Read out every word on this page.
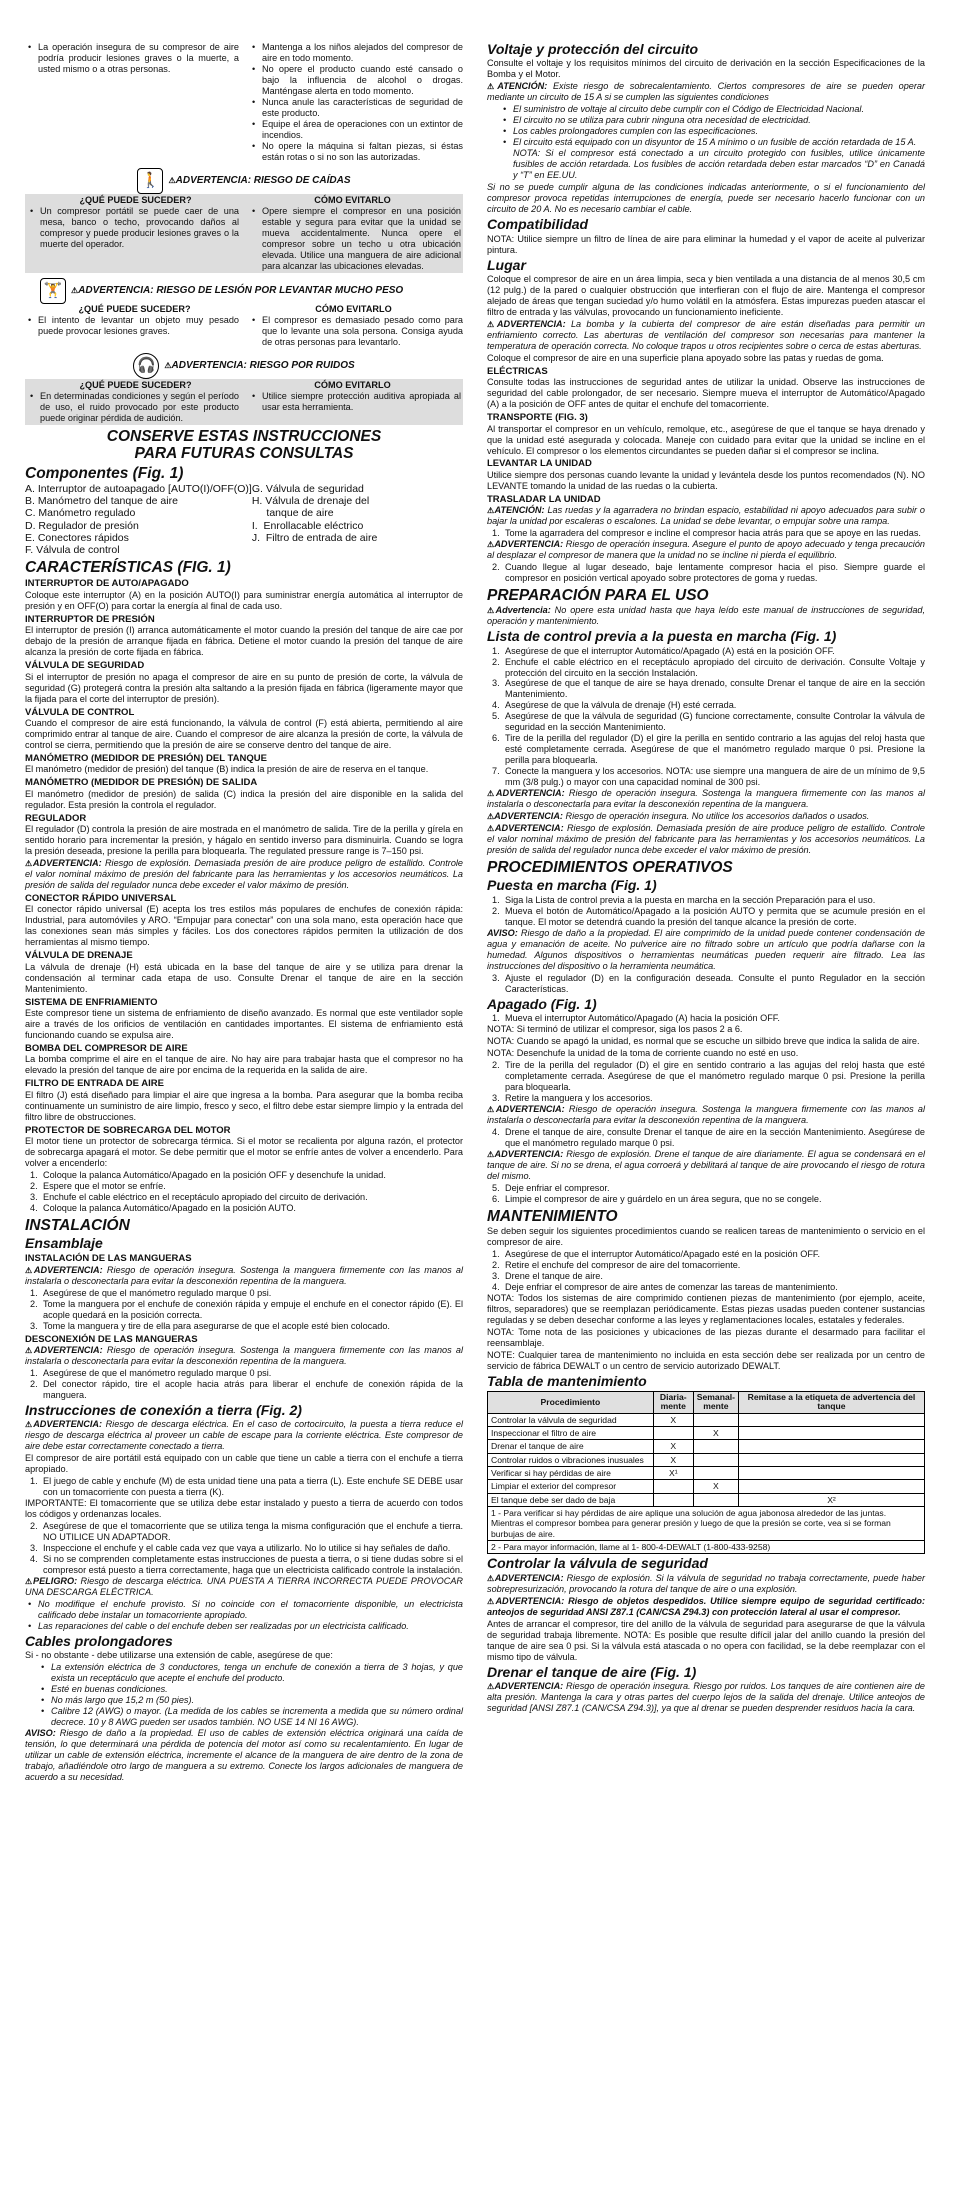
• La operación insegura de su compresor de aire podría producir lesiones graves o la muerte, a usted mismo o a otras personas.
• Mantenga a los niños alejados del compresor de aire en todo momento.
• No opere el producto cuando esté cansado o bajo la influencia de alcohol o drogas. Manténgase alerta en todo momento.
• Nunca anule las características de seguridad de este producto.
• Equipe el área de operaciones con un extintor de incendios.
• No opere la máquina si faltan piezas, si éstas están rotas o si no son las autorizadas.
🚶	⚠ADVERTENCIA: RIESGO DE CAÍDAS
¿QUÉ PUEDE SUCEDER?	CÓMO EVITARLO
• Un compresor portátil se puede caer de una mesa, banco o techo, provocando daños al compresor y puede producir lesiones graves o la muerte del operador.
• Opere siempre el compresor en una posición estable y segura para evitar que la unidad se mueva accidentalmente. Nunca opere el compresor sobre un techo u otra ubicación elevada. Utilice una manguera de aire adicional para alcanzar las ubicaciones elevadas.
🏋	⚠ADVERTENCIA: RIESGO DE LESIÓN POR LEVANTAR MUCHO PESO
¿QUÉ PUEDE SUCEDER?	CÓMO EVITARLO
• El intento de levantar un objeto muy pesado puede provocar lesiones graves.
• El compresor es demasiado pesado como para que lo levante una sola persona. Consiga ayuda de otras personas para levantarlo.
🎧	⚠ADVERTENCIA: RIESGO POR RUIDOS
¿QUÉ PUEDE SUCEDER?	CÓMO EVITARLO
• En determinadas condiciones y según el período de uso, el ruido provocado por este producto puede originar pérdida de audición.
• Utilice siempre protección auditiva apropiada al usar esta herramienta.
CONSERVE ESTAS INSTRUCCIONES
PARA FUTURAS CONSULTAS
Componentes (Fig. 1)
A. Interruptor de autoapagado [AUTO(I)/OFF(O)]
B. Manómetro del tanque de aire
C. Manómetro regulado
D. Regulador de presión
E. Conectores rápidos
F. Válvula de control
G. Válvula de seguridad
H. Válvula de drenaje del
tanque de aire
I.  Enrollacable eléctrico
J.  Filtro de entrada de aire
CARACTERÍSTICAS (FIG. 1)
INTERRUPTOR DE AUTO/APAGADO

Coloque este interruptor (A) en la posición AUTO(I) para suministrar energía automática al interruptor de presión y en OFF(O) para cortar la energía al final de cada uso.

INTERRUPTOR DE PRESIÓN

El interruptor de presión (I) arranca automáticamente el motor cuando la presión del tanque de aire cae por debajo de la presión de arranque fijada en fábrica. Detiene el motor cuando la presión del tanque de aire alcanza la presión de corte fijada en fábrica.

VÁLVULA DE SEGURIDAD

Si el interruptor de presión no apaga el compresor de aire en su punto de presión de corte, la válvula de seguridad (G) protegerá contra la presión alta saltando a la presión fijada en fábrica (ligeramente mayor que la fijada para el corte del interruptor de presión).

VÁLVULA DE CONTROL

Cuando el compresor de aire está funcionando, la válvula de control (F) está abierta, permitiendo al aire comprimido entrar al tanque de aire. Cuando el compresor de aire alcanza la presión de corte, la válvula de control se cierra, permitiendo que la presión de aire se conserve dentro del tanque de aire.

MANÓMETRO (MEDIDOR DE PRESIÓN) DEL TANQUE

El manómetro (medidor de presión) del tanque (B) indica la presión de aire de reserva en el tanque.

MANÓMETRO (MEDIDOR DE PRESIÓN) DE SALIDA

El manómetro (medidor de presión) de salida (C) indica la presión del aire disponible en la salida del regulador. Esta presión la controla el regulador.

REGULADOR

El regulador (D) controla la presión de aire mostrada en el manómetro de salida. Tire de la perilla y gírela en sentido horario para incrementar la presión, y hágalo en sentido inverso para disminuirla. Cuando se logra la presión deseada, presione la perilla para bloquearla. The regulated pressure range is 7–150 psi.

⚠ADVERTENCIA: Riesgo de explosión. Demasiada presión de aire produce peligro de estallido. Controle el valor nominal máximo de presión del fabricante para las herramientas y los accesorios neumáticos. La presión de salida del regulador nunca debe exceder el valor máximo de presión.

CONECTOR RÁPIDO UNIVERSAL

El conector rápido universal (E) acepta los tres estilos más populares de enchufes de conexión rápida: Industrial, para automóviles y ARO. “Empujar para conectar” con una sola mano, esta operación hace que las conexiones sean más simples y fáciles. Los dos conectores rápidos permiten la utilización de dos herramientas al mismo tiempo.

VÁLVULA DE DRENAJE

La válvula de drenaje (H) está ubicada en la base del tanque de aire y se utiliza para drenar la condensación al terminar cada etapa de uso. Consulte Drenar el tanque de aire en la sección Mantenimiento.

SISTEMA DE ENFRIAMIENTO

Este compresor tiene un sistema de enfriamiento de diseño avanzado. Es normal que este ventilador sople aire a través de los orificios de ventilación en cantidades importantes. El sistema de enfriamiento está funcionando cuando se expulsa aire.

BOMBA DEL COMPRESOR DE AIRE

La bomba comprime el aire en el tanque de aire. No hay aire para trabajar hasta que el compresor no ha elevado la presión del tanque de aire por encima de la requerida en la salida de aire.

FILTRO DE ENTRADA DE AIRE

El filtro (J) está diseñado para limpiar el aire que ingresa a la bomba. Para asegurar que la bomba reciba continuamente un suministro de aire limpio, fresco y seco, el filtro debe estar siempre limpio y la entrada del filtro libre de obstrucciones.

PROTECTOR DE SOBRECARGA DEL MOTOR

El motor tiene un protector de sobrecarga térmica. Si el motor se recalienta por alguna razón, el protector de sobrecarga apagará el motor. Se debe permitir que el motor se enfríe antes de volver a encenderlo. Para volver a encenderlo:

1. Coloque la palanca Automático/Apagado en la posición OFF y desenchufe la unidad.
2. Espere que el motor se enfríe.
3. Enchufe el cable eléctrico en el receptáculo apropiado del circuito de derivación.
4. Coloque la palanca Automático/Apagado en la posición AUTO.
INSTALACIÓN
Ensamblaje
INSTALACIÓN DE LAS MANGUERAS

⚠ADVERTENCIA: Riesgo de operación insegura. Sostenga la manguera firmemente con las manos al instalarla o desconectarla para evitar la desconexión repentina de la manguera.

1. Asegúrese de que el manómetro regulado marque 0 psi.
2. Tome la manguera por el enchufe de conexión rápida y empuje el enchufe en el conector rápido (E). El acople quedará en la posición correcta.
3. Tome la manguera y tire de ella para asegurarse de que el acople esté bien colocado.
DESCONEXIÓN DE LAS MANGUERAS

⚠ADVERTENCIA: Riesgo de operación insegura. Sostenga la manguera firmemente con las manos al instalarla o desconectarla para evitar la desconexión repentina de la manguera.

1. Asegúrese de que el manómetro regulado marque 0 psi.
2. Del conector rápido, tire el acople hacia atrás para liberar el enchufe de conexión rápida de la manguera.
Instrucciones de conexión a tierra (Fig. 2)

⚠ADVERTENCIA: Riesgo de descarga eléctrica. En el caso de cortocircuito, la puesta a tierra reduce el riesgo de descarga eléctrica al proveer un cable de escape para la corriente eléctrica. Este compresor de aire debe estar correctamente conectado a tierra.

El compresor de aire portátil está equipado con un cable que tiene un cable a tierra con el enchufe a tierra apropiado.

1. El juego de cable y enchufe (M) de esta unidad tiene una pata a tierra (L). Este enchufe SE DEBE usar con un tomacorriente con puesta a tierra (K).

IMPORTANTE: El tomacorriente que se utiliza debe estar instalado y puesto a tierra de acuerdo con todos los códigos y ordenanzas locales.

2. Asegúrese de que el tomacorriente que se utiliza tenga la misma configuración que el enchufe a tierra. NO UTILICE UN ADAPTADOR.
3. Inspeccione el enchufe y el cable cada vez que vaya a utilizarlo. No lo utilice si hay señales de daño.
4. Si no se comprenden completamente estas instrucciones de puesta a tierra, o si tiene dudas sobre si el compresor está puesto a tierra correctamente, haga que un electricista calificado controle la instalación.

⚠PELIGRO: Riesgo de descarga eléctrica. UNA PUESTA A TIERRA INCORRECTA PUEDE PROVOCAR UNA DESCARGA ELÉCTRICA.

• No modifique el enchufe provisto. Si no coincide con el tomacorriente disponible, un electricista calificado debe instalar un tomacorriente apropiado.
• Las reparaciones del cable o del enchufe deben ser realizadas por un electricista calificado.
Cables prolongadores

Si - no obstante - debe utilizarse una extensión de cable, asegúrese de que:

• La extensión eléctrica de 3 conductores, tenga un enchufe de conexión a tierra de 3 hojas, y que exista un receptáculo que acepte el enchufe del producto.
• Esté en buenas condiciones.
• No más largo que 15,2 m (50 pies).
• Calibre 12 (AWG) o mayor. (La medida de los cables se incrementa a medida que su número ordinal decrece. 10 y 8 AWG pueden ser usados también. NO USE 14 NI 16 AWG).

AVISO: Riesgo de daño a la propiedad. El uso de cables de extensión eléctrica originará una caída de tensión, lo que determinará una pérdida de potencia del motor así como su recalentamiento. En lugar de utilizar un cable de extensión eléctrica, incremente el alcance de la manguera de aire dentro de la zona de trabajo, añadiéndole otro largo de manguera a su extremo. Conecte los largos adicionales de manguera de acuerdo a su necesidad.

Voltaje y protección del circuito

Consulte el voltaje y los requisitos mínimos del circuito de derivación en la sección Especificaciones de la Bomba y el Motor.

⚠ATENCIÓN: Existe riesgo de sobrecalentamiento. Ciertos compresores de aire se pueden operar mediante un circuito de 15 A si se cumplen las siguientes condiciones

• El suministro de voltaje al circuito debe cumplir con el Código de Electricidad Nacional.
• El circuito no se utiliza para cubrir ninguna otra necesidad de electricidad.
• Los cables prolongadores cumplen con las especificaciones.
• El circuito está equipado con un disyuntor de 15 A mínimo o un fusible de acción retardada de 15 A.

NOTA: Si el compresor está conectado a un circuito protegido con fusibles, utilice únicamente fusibles de acción retardada. Los fusibles de acción retardada deben estar marcados “D” en Canadá y “T” en EE.UU.

Si no se puede cumplir alguna de las condiciones indicadas anteriormente, o si el funcionamiento del compresor provoca repetidas interrupciones de energía, puede ser necesario hacerlo funcionar con un circuito de 20 A. No es necesario cambiar el cable.

Compatibilidad

NOTA: Utilice siempre un filtro de línea de aire para eliminar la humedad y el vapor de aceite al pulverizar pintura.

Lugar

Coloque el compresor de aire en un área limpia, seca y bien ventilada a una distancia de al menos 30,5 cm (12 pulg.) de la pared o cualquier obstrucción que interfieran con el flujo de aire. Mantenga el compresor alejado de áreas que tengan suciedad y/o humo volátil en la atmósfera. Estas impurezas pueden atascar el filtro de entrada y las válvulas, provocando un funcionamiento ineficiente.

⚠ADVERTENCIA: La bomba y la cubierta del compresor de aire están diseñadas para permitir un enfriamiento correcto. Las aberturas de ventilación del compresor son necesarias para mantener la temperatura de operación correcta. No coloque trapos u otros recipientes sobre o cerca de estas aberturas.

Coloque el compresor de aire en una superficie plana apoyado sobre las patas y ruedas de goma.

ELÉCTRICAS

Consulte todas las instrucciones de seguridad antes de utilizar la unidad. Observe las instrucciones de seguridad del cable prolongador, de ser necesario. Siempre mueva el interruptor de Automático/Apagado (A) a la posición de OFF antes de quitar el enchufe del tomacorriente.

TRANSPORTE (FIG. 3)

Al transportar el compresor en un vehículo, remolque, etc., asegúrese de que el tanque se haya drenado y que la unidad esté asegurada y colocada. Maneje con cuidado para evitar que la unidad se incline en el vehículo. El compresor o los elementos circundantes se pueden dañar si el compresor se inclina.

LEVANTAR LA UNIDAD

Utilice siempre dos personas cuando levante la unidad y levántela desde los puntos recomendados (N). NO LEVANTE tomando la unidad de las ruedas o la cubierta.

TRASLADAR LA UNIDAD

⚠ATENCIÓN: Las ruedas y la agarradera no brindan espacio, estabilidad ni apoyo adecuados para subir o bajar la unidad por escaleras o escalones. La unidad se debe levantar, o empujar sobre una rampa.

1. Tome la agarradera del compresor e incline el compresor hacia atrás para que se apoye en las ruedas.

⚠ADVERTENCIA: Riesgo de operación insegura. Asegure el punto de apoyo adecuado y tenga precaución al desplazar el compresor de manera que la unidad no se incline ni pierda el equilibrio.

2. Cuando llegue al lugar deseado, baje lentamente compresor hacia el piso. Siempre guarde el compresor en posición vertical apoyado sobre protectores de goma y ruedas.
PREPARACIÓN PARA EL USO

⚠Advertencia: No opere esta unidad hasta que haya leído este manual de instrucciones de seguridad, operación y mantenimiento.

Lista de control previa a la puesta en marcha (Fig. 1)
1. Asegúrese de que el interruptor Automático/Apagado (A) está en la posición OFF.
2. Enchufe el cable eléctrico en el receptáculo apropiado del circuito de derivación. Consulte Voltaje y protección del circuito en la sección Instalación.
3. Asegúrese de que el tanque de aire se haya drenado, consulte Drenar el tanque de aire en la sección Mantenimiento.
4. Asegúrese de que la válvula de drenaje (H) esté cerrada.
5. Asegúrese de que la válvula de seguridad (G) funcione correctamente, consulte Controlar la válvula de seguridad en la sección Mantenimiento.
6. Tire de la perilla del regulador (D) el gire la perilla en sentido contrario a las agujas del reloj hasta que esté completamente cerrada. Asegúrese de que el manómetro regulado marque 0 psi. Presione la perilla para bloquearla.
7. Conecte la manguera y los accesorios. NOTA: use siempre una manguera de aire de un mínimo de 9,5 mm (3/8 pulg.) o mayor con una capacidad nominal de 300 psi.

⚠ADVERTENCIA: Riesgo de operación insegura. Sostenga la manguera firmemente con las manos al instalarla o desconectarla para evitar la desconexión repentina de la manguera.

⚠ADVERTENCIA: Riesgo de operación insegura. No utilice los accesorios dañados o usados.

⚠ADVERTENCIA: Riesgo de explosión. Demasiada presión de aire produce peligro de estallido. Controle el valor nominal máximo de presión del fabricante para las herramientas y los accesorios neumáticos. La presión de salida del regulador nunca debe exceder el valor máximo de presión.

PROCEDIMIENTOS OPERATIVOS
Puesta en marcha (Fig. 1)
1. Siga la Lista de control previa a la puesta en marcha en la sección Preparación para el uso.
2. Mueva el botón de Automático/Apagado a la posición AUTO y permita que se acumule presión en el tanque. El motor se detendrá cuando la presión del tanque alcance la presión de corte.

AVISO: Riesgo de daño a la propiedad. El aire comprimido de la unidad puede contener condensación de agua y emanación de aceite. No pulverice aire no filtrado sobre un artículo que podría dañarse con la humedad. Algunos dispositivos o herramientas neumáticas pueden requerir aire filtrado. Lea las instrucciones del dispositivo o la herramienta neumática.

3. Ajuste el regulador (D) en la configuración deseada. Consulte el punto Regulador en la sección Características.
Apagado (Fig. 1)
1. Mueva el interruptor Automático/Apagado (A) hacia la posición OFF.

NOTA: Si terminó de utilizar el compresor, siga los pasos 2 a 6.

NOTA: Cuando se apagó la unidad, es normal que se escuche un silbido breve que indica la salida de aire.

NOTA: Desenchufe la unidad de la toma de corriente cuando no esté en uso.

2. Tire de la perilla del regulador (D) el gire en sentido contrario a las agujas del reloj hasta que esté completamente cerrada. Asegúrese de que el manómetro regulado marque 0 psi. Presione la perilla para bloquearla.
3. Retire la manguera y los accesorios.

⚠ADVERTENCIA: Riesgo de operación insegura. Sostenga la manguera firmemente con las manos al instalarla o desconectarla para evitar la desconexión repentina de la manguera.

4. Drene el tanque de aire, consulte Drenar el tanque de aire en la sección Mantenimiento. Asegúrese de que el manómetro regulado marque 0 psi.

⚠ADVERTENCIA: Riesgo de explosión. Drene el tanque de aire diariamente. El agua se condensará en el tanque de aire. Si no se drena, el agua corroerá y debilitará al tanque de aire provocando el riesgo de rotura del mismo.

5. Deje enfriar el compresor.
6. Limpie el compresor de aire y guárdelo en un área segura, que no se congele.
MANTENIMIENTO

Se deben seguir los siguientes procedimientos cuando se realicen tareas de mantenimiento o servicio en el compresor de aire.

1. Asegúrese de que el interruptor Automático/Apagado esté en la posición OFF.
2. Retire el enchufe del compresor de aire del tomacorriente.
3. Drene el tanque de aire.
4. Deje enfriar el compresor de aire antes de comenzar las tareas de mantenimiento.

NOTA: Todos los sistemas de aire comprimido contienen piezas de mantenimiento (por ejemplo, aceite, filtros, separadores) que se reemplazan periódicamente. Estas piezas usadas pueden contener sustancias reguladas y se deben desechar conforme a las leyes y reglamentaciones locales, estatales y federales.

NOTA: Tome nota de las posiciones y ubicaciones de las piezas durante el desarmado para facilitar el reensamblaje.

NOTE: Cualquier tarea de mantenimiento no incluida en esta sección debe ser realizada por un centro de servicio de fábrica DEWALT o un centro de servicio autorizado DEWALT.

Tabla de mantenimiento
Procedimiento	Diaria-mente	Semanal-mente	Remitase a la etiqueta de advertencia del tanque
Controlar la válvula de seguridad	X		
Inspeccionar el filtro de aire		X	
Drenar el tanque de aire	X		
Controlar ruidos o vibraciones inusuales	X		
Verificar si hay pérdidas de aire	X¹		
Limpiar el exterior del compresor		X	
El tanque debe ser dado de baja			X²
1 - Para verificar si hay pérdidas de aire aplique una solución de agua jabonosa alrededor de las juntas. Mientras el compresor bombea para generar presión y luego de que la presión se corte, vea si se forman burbujas de aire.			
2 - Para mayor información, llame al 1- 800-4-DEWALT (1-800-433-9258)			
Controlar la válvula de seguridad

⚠ADVERTENCIA: Riesgo de explosión. Si la válvula de seguridad no trabaja correctamente, puede haber sobrepresurización, provocando la rotura del tanque de aire o una explosión.

⚠ADVERTENCIA: Riesgo de objetos despedidos. Utilice siempre equipo de seguridad certificado: anteojos de seguridad ANSI Z87.1 (CAN/CSA Z94.3) con protección lateral al usar el compresor.

Antes de arrancar el compresor, tire del anillo de la válvula de seguridad para asegurarse de que la válvula de seguridad trabaja libremente. NOTA: Es posible que resulte difícil jalar del anillo cuando la presión del tanque de aire sea 0 psi. Si la válvula está atascada o no opera con facilidad, se la debe reemplazar con el mismo tipo de válvula.

Drenar el tanque de aire (Fig. 1)

⚠ADVERTENCIA: Riesgo de operación insegura. Riesgo por ruidos. Los tanques de aire contienen aire de alta presión. Mantenga la cara y otras partes del cuerpo lejos de la salida del drenaje. Utilice anteojos de seguridad [ANSI Z87.1 (CAN/CSA Z94.3)], ya que al drenar se pueden desprender residuos hacia la cara.
